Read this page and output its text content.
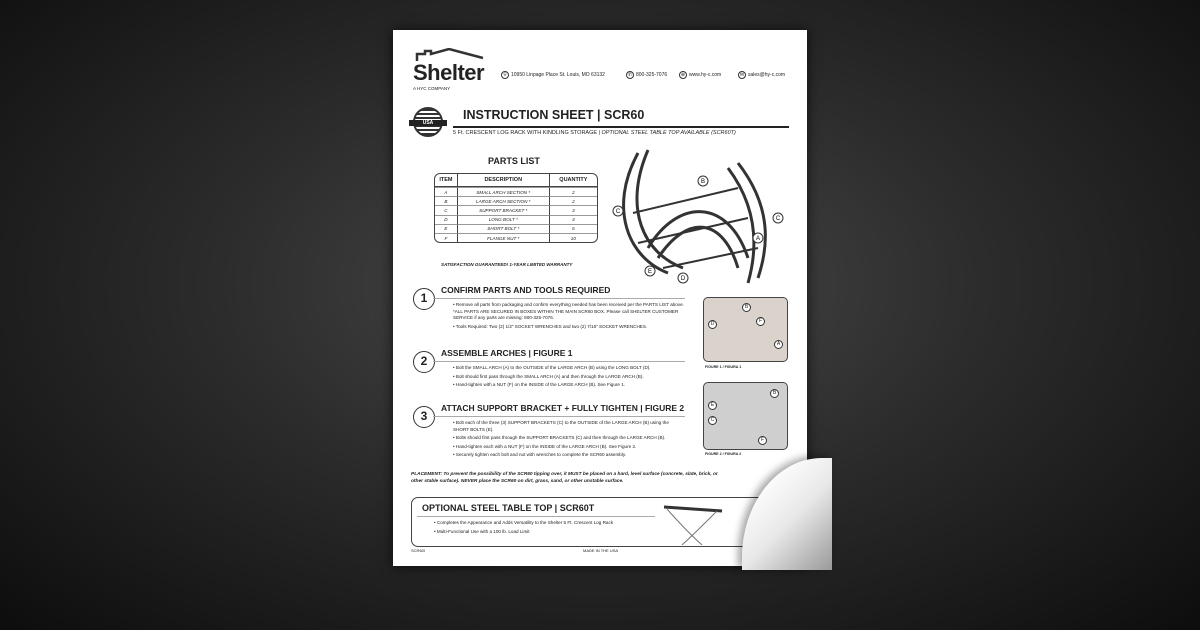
Shelter
A HYC COMPANY
⌾ 10950 Linpage Place St. Louis, MO 63132	✆ 800-325-7076	⊕ www.hy-c.com	✉ sales@hy-c.com
USA
INSTRUCTION SHEET | SCR60
5 Ft. CRESCENT LOG RACK WITH KINDLING STORAGE | OPTIONAL STEEL TABLE TOP AVAILABLE (SCR60T)
PARTS LIST
ITEM	DESCRIPTION	QUANTITY
A	SMALL ARCH SECTION *	2
B	LARGE ARCH SECTION *	2
C	SUPPORT BRACKET *	3
D	LONG BOLT *	4
E	SHORT BOLT *	6
F	FLANGE NUT *	10
SATISFACTION GUARANTEED! 1-YEAR LIMITED WARRANTY
B
C
C
A
E
D
1
CONFIRM PARTS AND TOOLS REQUIRED

• Remove all parts from packaging and confirm everything needed has been received per the PARTS LIST above. *ALL PARTS ARE SECURED IN BOXES WITHIN THE MAIN SCR60 BOX. Please call SHELTER CUSTOMER SERVICE if any parts are missing: 800-325-7076.

• Tools Required: Two (2) 1/2" SOCKET WRENCHES and two (2) 7/16" SOCKET WRENCHES.

2
ASSEMBLE ARCHES | FIGURE 1

• Bolt the SMALL ARCH (A) to the OUTSIDE of the LARGE ARCH (B) using the LONG BOLT (D).

• Bolt should first pass through the SMALL ARCH (A) and then through the LARGE ARCH (B).

• Hand-tighten with a NUT (F) on the INSIDE of the LARGE ARCH (B). See Figure 1.

3
ATTACH SUPPORT BRACKET + FULLY TIGHTEN | FIGURE 2

• Bolt each of the three (3) SUPPORT BRACKETS (C) to the OUTSIDE of the LARGE ARCH (B) using the SHORT BOLTS (E).

• Bolts should first pass through the SUPPORT BRACKETS (C) and then through the LARGE ARCH (B).

• Hand-tighten each with a NUT (F) on the INSIDE of the LARGE ARCH (B). See Figure 2.

• Securely tighten each bolt and nut with wrenches to complete the SCR60 assembly.

B
F
D
A
FIGURE 1 / FIGURA 1
B
E
C
F
FIGURE 2 / FIGURA 2
PLACEMENT: To prevent the possibility of the SCR60 tipping over, it MUST be placed on a hard, level surface (concrete, slate, brick, or other stable surface). NEVER place the SCR60 on dirt, grass, sand, or other unstable surface.
OPTIONAL STEEL TABLE TOP | SCR60T

• Completes the Appearance and Adds Versatility to the Shelter 5 Ft. Crescent Log Rack

• Multi-Functional Use with a 100 lb. Load Limit

SCR60I	MADE IN THE USA
